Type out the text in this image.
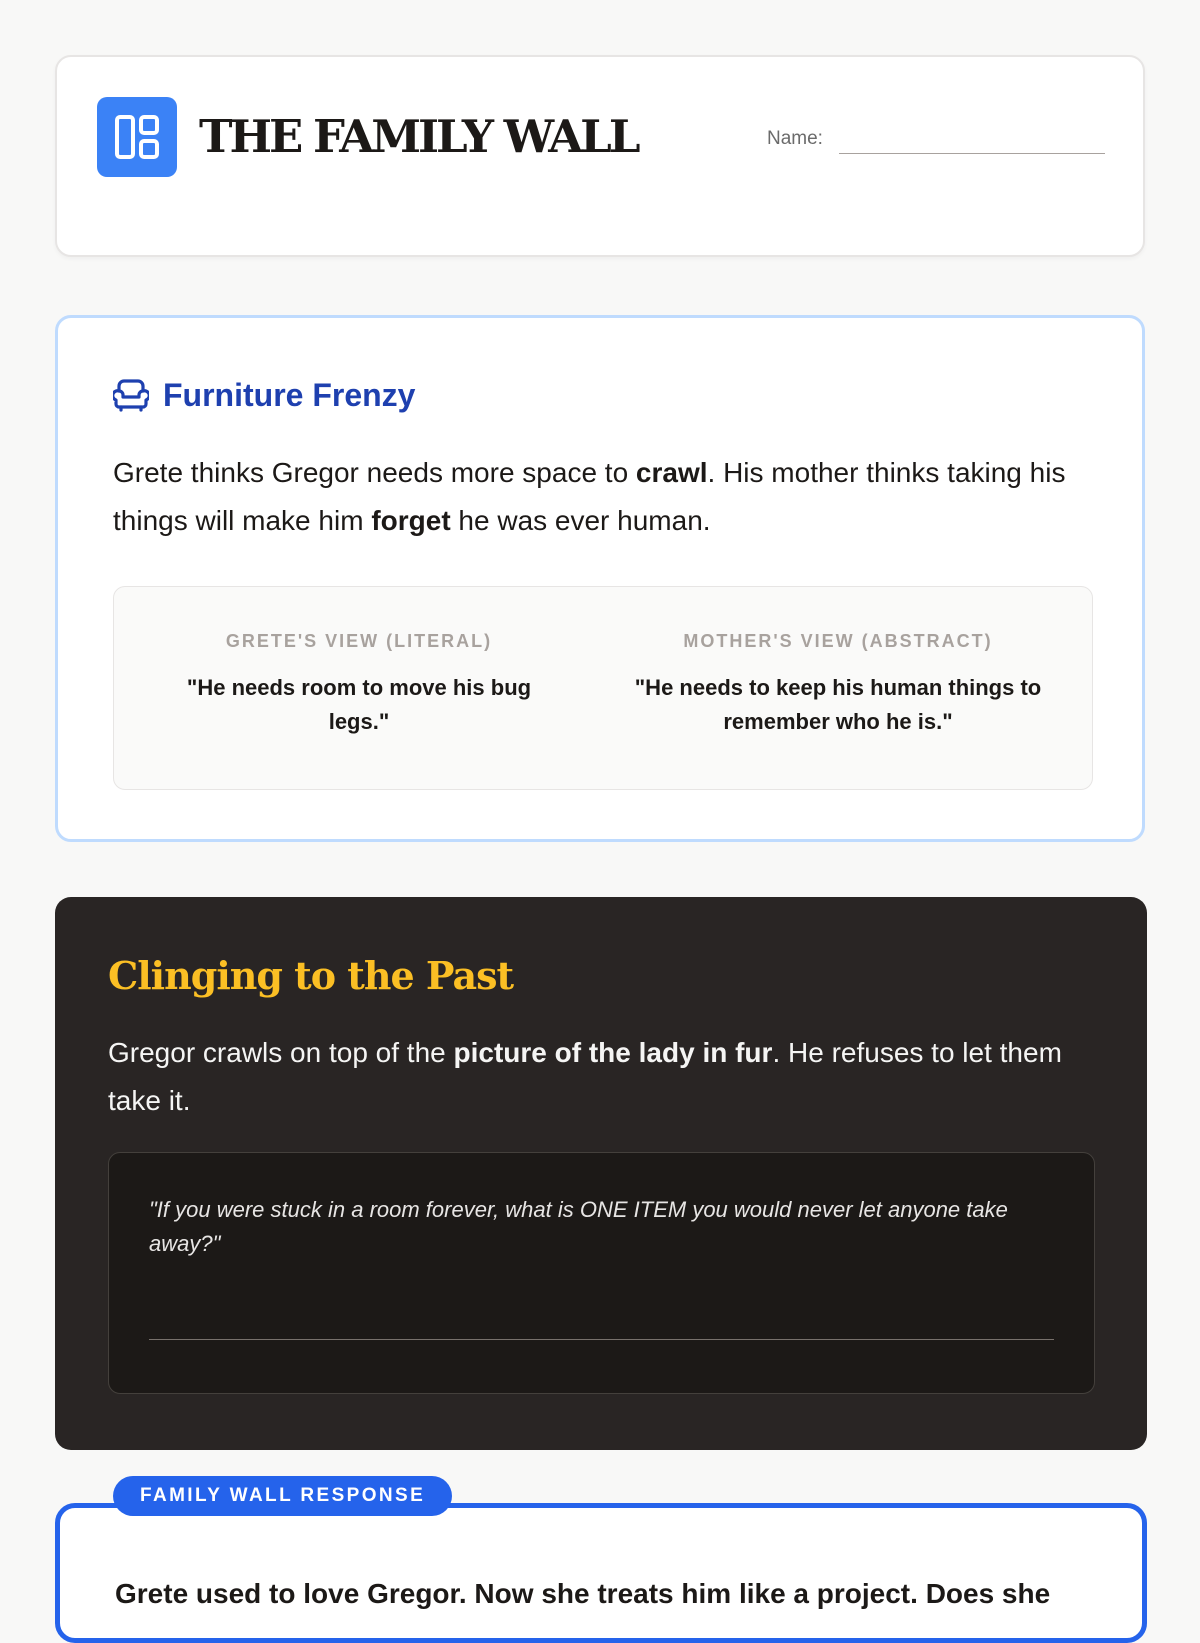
THE FAMILY WALL	Name:
Furniture Frenzy
Grete thinks Gregor needs more space to crawl. His mother thinks taking his things will make him forget he was ever human.
GRETE'S VIEW (LITERAL)
"He needs room to move his bug legs."
MOTHER'S VIEW (ABSTRACT)
"He needs to keep his human things to remember who he is."
Clinging to the Past
Gregor crawls on top of the picture of the lady in fur. He refuses to let them take it.
"If you were stuck in a room forever, what is ONE ITEM you would never let anyone take away?"
FAMILY WALL RESPONSE
Grete used to love Gregor. Now she treats him like a project. Does she
